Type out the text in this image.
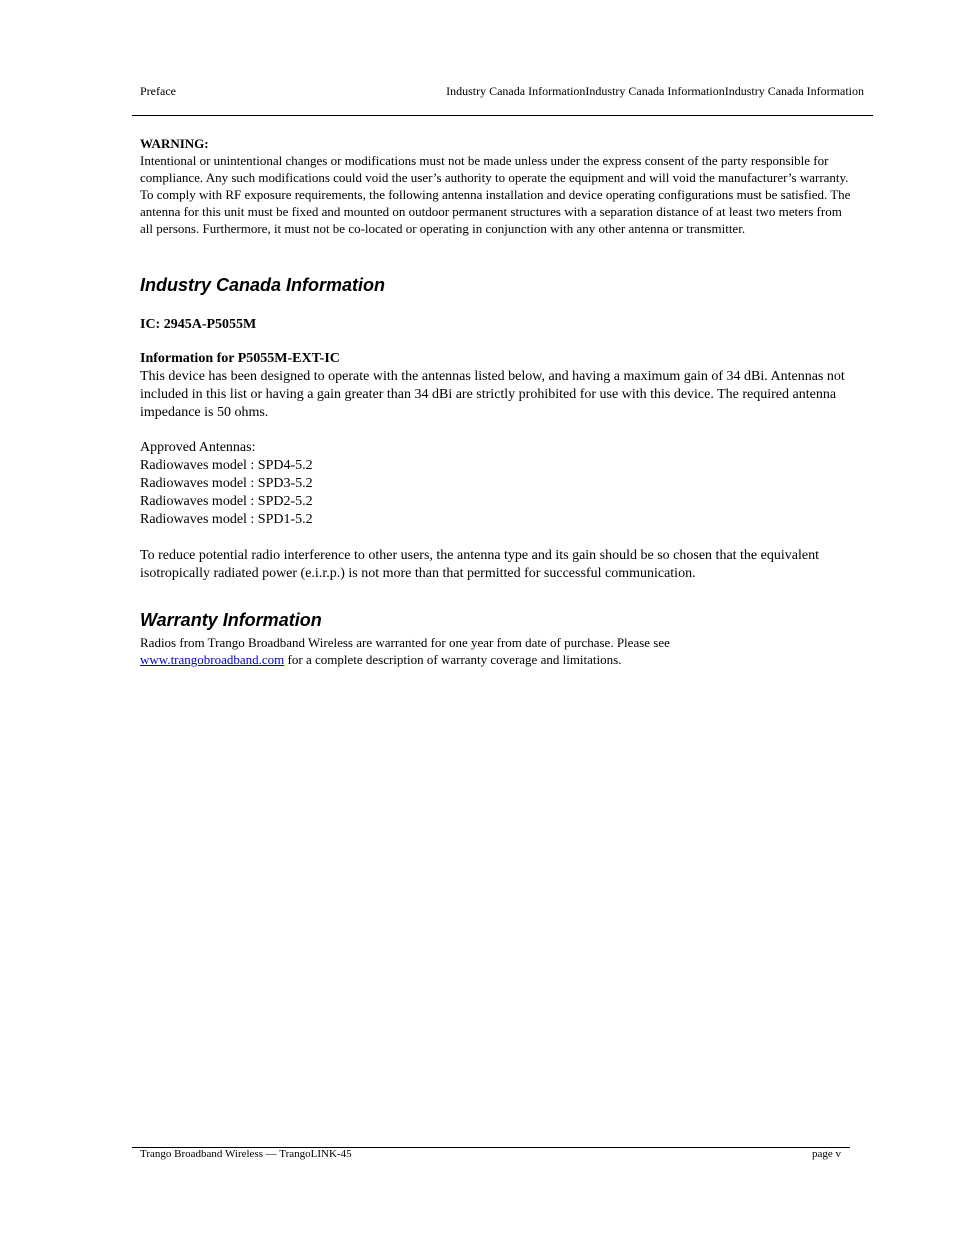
Preface	Industry Canada InformationIndustry Canada InformationIndustry Canada Information

WARNING:

Intentional or unintentional changes or modifications must not be made unless under the express consent of the party responsible for compliance. Any such modifications could void the user’s authority to operate the equipment and will void the manufacturer’s warranty. To comply with RF exposure requirements, the following antenna installation and device operating configurations must be satisfied. The antenna for this unit must be fixed and mounted on outdoor permanent structures with a separation distance of at least two meters from all persons. Furthermore, it must not be co-located or operating in conjunction with any other antenna or transmitter.

Industry Canada Information

IC: 2945A-P5055M

Information for P5055M-EXT-IC

This device has been designed to operate with the antennas listed below, and having a maximum gain of 34 dBi. Antennas not included in this list or having a gain greater than 34 dBi are strictly prohibited for use with this device. The required antenna impedance is 50 ohms.

Approved Antennas:

Radiowaves model : SPD4-5.2
Radiowaves model : SPD3-5.2
Radiowaves model : SPD2-5.2
Radiowaves model : SPD1-5.2

To reduce potential radio interference to other users, the antenna type and its gain should be so chosen that the equivalent isotropically radiated power (e.i.r.p.) is not more than that permitted for successful communication.

Warranty Information

Radios from Trango Broadband Wireless are warranted for one year from date of purchase. Please see
www.trangobroadband.com for a complete description of warranty coverage and limitations.

Trango Broadband Wireless — TrangoLINK-45	page v
